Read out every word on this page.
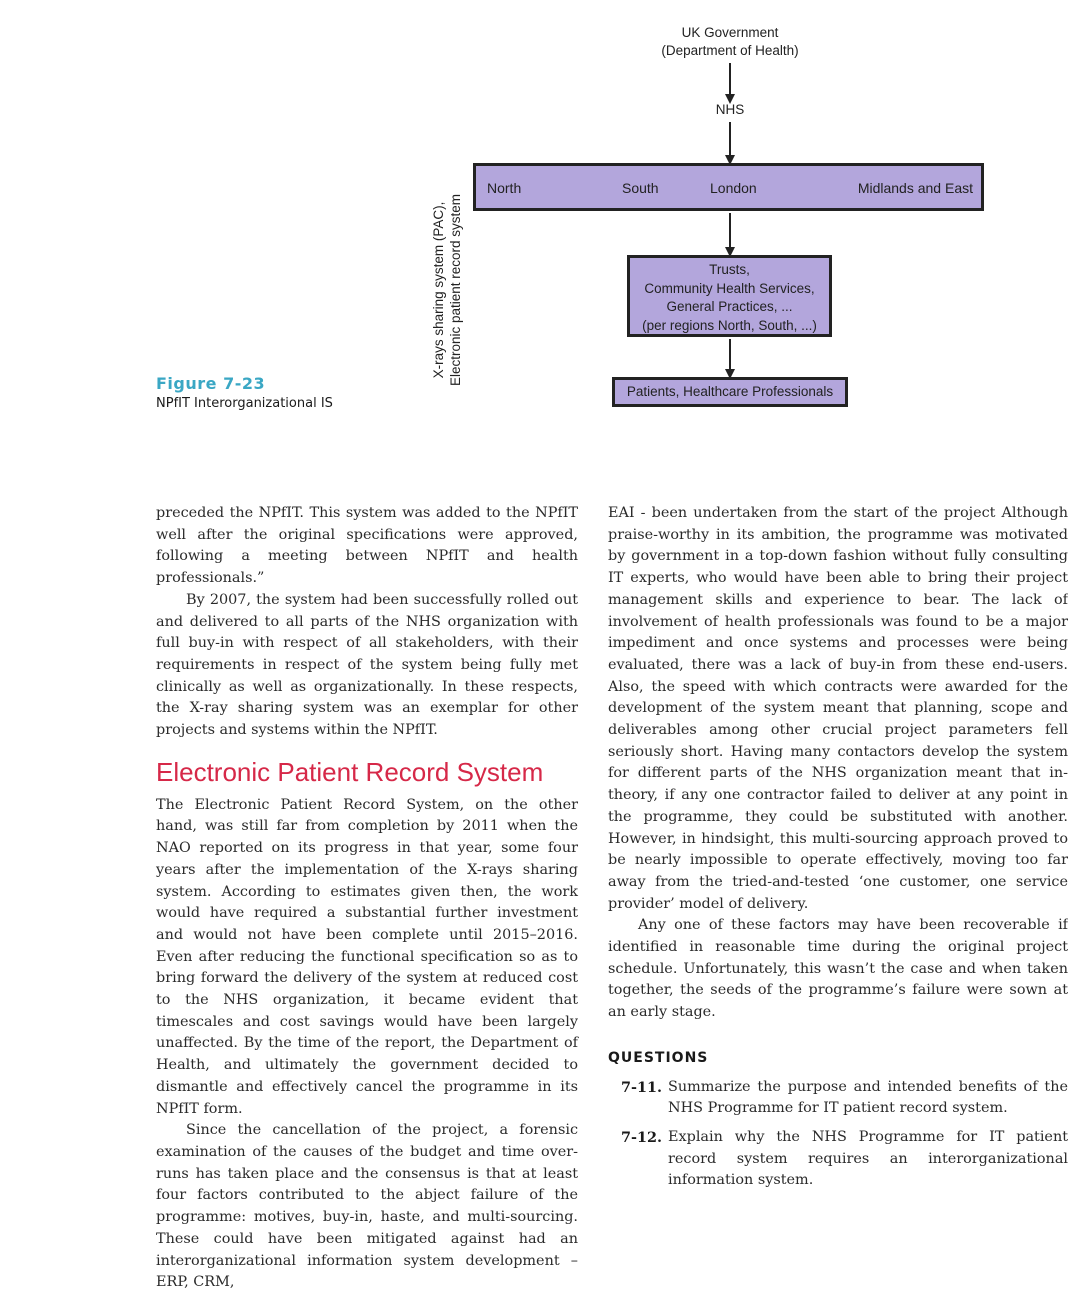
UK Government
(Department of Health)
NHS
North	South	London	Midlands and East
Trusts,
Community Health Services,
General Practices, ...
(per regions North, South, ...)
Patients, Healthcare Professionals
X-rays sharing system (PAC), Electronic patient record system
Figure 7-23
NPfIT Interorganizational IS

preceded the NPfIT. This system was added to the NPfIT well after the original specifications were approved, following a meeting between NPfIT and health professionals.”

By 2007, the system had been successfully rolled out and delivered to all parts of the NHS organization with full buy-in with respect of all stakeholders, with their requirements in respect of the system being fully met clinically as well as organizationally. In these respects, the X-ray sharing system was an exemplar for other projects and systems within the NPfIT.

Electronic Patient Record System

The Electronic Patient Record System, on the other hand, was still far from completion by 2011 when the NAO reported on its progress in that year, some four years after the implementation of the X-rays sharing system. According to estimates given then, the work would have required a substantial further investment and would not have been complete until 2015–2016. Even after reducing the functional specification so as to bring forward the delivery of the system at reduced cost to the NHS organization, it became evident that timescales and cost savings would have been largely unaffected. By the time of the report, the Department of Health, and ultimately the government decided to dismantle and effectively cancel the programme in its NPfIT form.

Since the cancellation of the project, a forensic examination of the causes of the budget and time over-runs has taken place and the consensus is that at least four factors contributed to the abject failure of the programme: motives, buy-in, haste, and multi-sourcing. These could have been mitigated against had an interorganizational information system development – ERP, CRM,

EAI - been undertaken from the start of the project Although praise-worthy in its ambition, the programme was motivated by government in a top-down fashion without fully consulting IT experts, who would have been able to bring their project management skills and experience to bear. The lack of involvement of health professionals was found to be a major impediment and once systems and processes were being evaluated, there was a lack of buy-in from these end-users. Also, the speed with which contracts were awarded for the development of the system meant that planning, scope and deliverables among other crucial project parameters fell seriously short. Having many contactors develop the system for different parts of the NHS organization meant that in-theory, if any one contractor failed to deliver at any point in the programme, they could be substituted with another. However, in hindsight, this multi-sourcing approach proved to be nearly impossible to operate effectively, moving too far away from the tried-and-tested ‘one customer, one service provider’ model of delivery.

Any one of these factors may have been recoverable if identified in reasonable time during the original project schedule. Unfortunately, this wasn’t the case and when taken together, the seeds of the programme’s failure were sown at an early stage.

QUESTIONS
7-11. Summarize the purpose and intended benefits of the NHS Programme for IT patient record system.
7-12. Explain why the NHS Programme for IT patient record system requires an interorganizational information system.
